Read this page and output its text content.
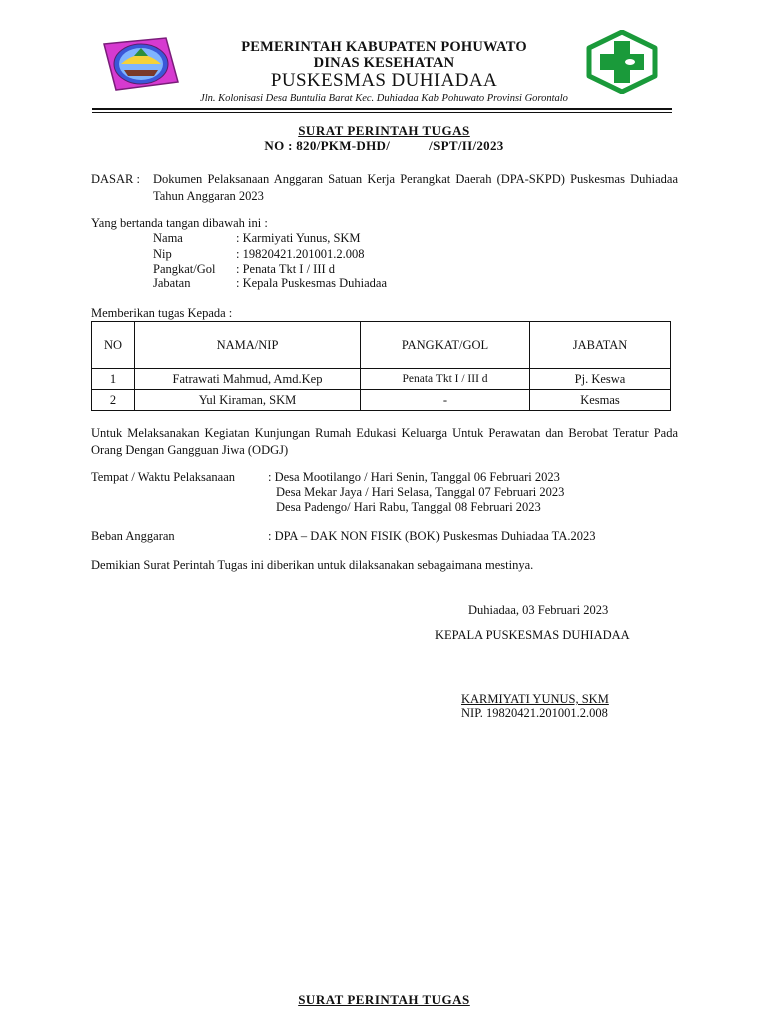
PEMERINTAH KABUPATEN POHUWATO
DINAS KESEHATAN
PUSKESMAS DUHIADAA
Jln. Kolonisasi Desa Buntulia Barat Kec. Duhiadaa Kab Pohuwato Provinsi Gorontalo
SURAT PERINTAH TUGAS
NO : 820/PKM-DHD/           /SPT/II/2023
DASAR : Dokumen Pelaksanaan Anggaran Satuan Kerja Perangkat Daerah (DPA-SKPD) Puskesmas Duhiadaa Tahun Anggaran 2023
Yang bertanda tangan dibawah ini :
Nama	: Karmiyati Yunus, SKM
Nip	: 19820421.201001.2.008
Pangkat/Gol : Penata Tkt I / III d
Jabatan	: Kepala Puskesmas Duhiadaa
Memberikan tugas Kepada :
NO	NAMA/NIP	PANGKAT/GOL	JABATAN
1	Fatrawati Mahmud, Amd.Kep	Penata Tkt I / III d	Pj. Keswa
2	Yul Kiraman, SKM	-	Kesmas
Untuk Melaksanakan Kegiatan Kunjungan Rumah Edukasi Keluarga Untuk Perawatan dan Berobat Teratur Pada Orang Dengan Gangguan Jiwa (ODGJ)
Tempat / Waktu Pelaksanaan	: Desa Mootilango / Hari Senin, Tanggal 06 Februari 2023
Desa Mekar Jaya / Hari Selasa, Tanggal 07 Februari 2023
Desa Padengo/ Hari Rabu, Tanggal 08 Februari 2023
Beban Anggaran	: DPA – DAK NON FISIK (BOK) Puskesmas Duhiadaa TA.2023
Demikian Surat Perintah Tugas ini diberikan untuk dilaksanakan sebagaimana mestinya.
Duhiadaa, 03 Februari 2023
KEPALA PUSKESMAS DUHIADAA
KARMIYATI YUNUS, SKM
NIP. 19820421.201001.2.008
SURAT PERINTAH TUGAS
